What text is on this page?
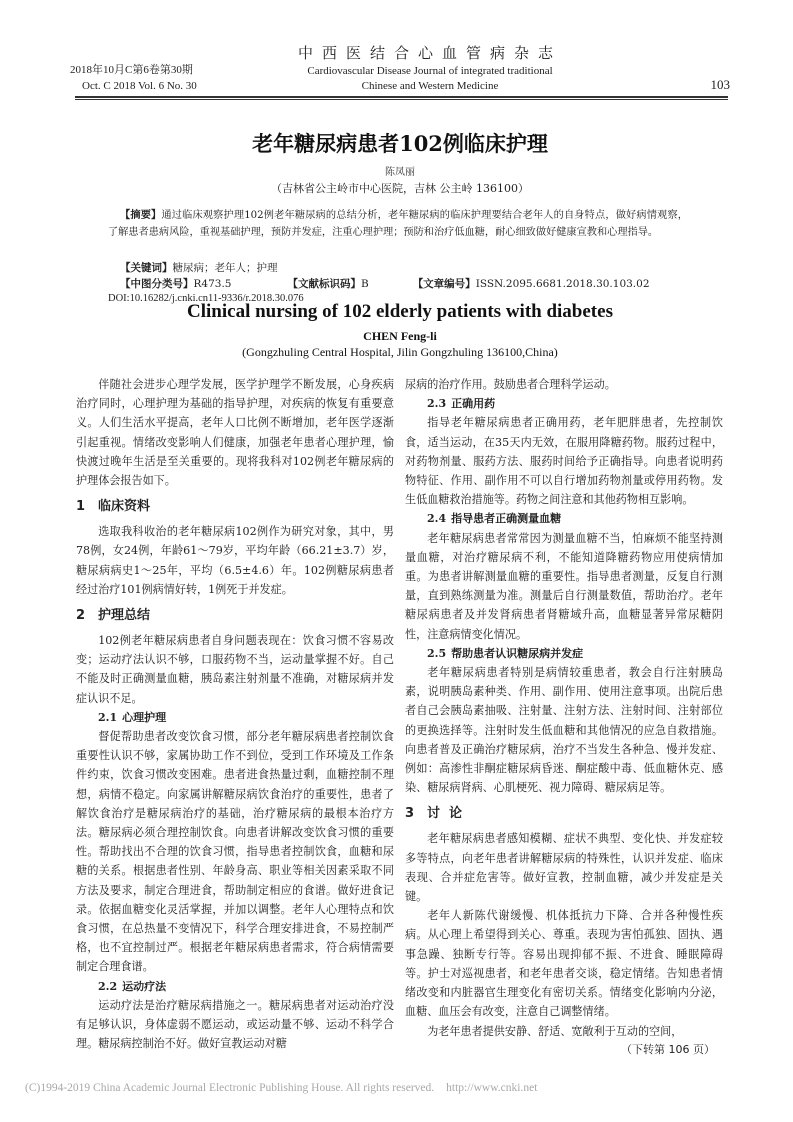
2018年10月C第6卷第30期
Oct. C 2018 Vol. 6 No. 30
中西医结合心血管病杂志
Cardiovascular Disease Journal of integrated traditional
Chinese and Western Medicine	103
老年糖尿病患者102例临床护理
陈凤丽
（吉林省公主岭市中心医院，吉林 公主岭 136100）
【摘要】通过临床观察护理102例老年糖尿病的总结分析，老年糖尿病的临床护理要结合老年人的自身特点，做好病情观察，了解患者患病风险，重视基础护理，预防并发症，注重心理护理；预防和治疗低血糖，耐心细致做好健康宣教和心理指导。
【关键词】糖尿病；老年人；护理
【中图分类号】R473.5	【文献标识码】B	【文章编号】ISSN.2095.6681.2018.30.103.02
DOI:10.16282/j.cnki.cn11-9336/r.2018.30.076
Clinical nursing of 102 elderly patients with diabetes
CHEN Feng-li
(Gongzhuling Central Hospital, Jilin Gongzhuling 136100,China)

伴随社会进步心理学发展，医学护理学不断发展，心身疾病治疗同时，心理护理为基础的指导护理，对疾病的恢复有重要意义。人们生活水平提高，老年人口比例不断增加，老年医学逐渐引起重视。情绪改变影响人们健康，加强老年患者心理护理，愉快渡过晚年生活是至关重要的。现将我科对102例老年糖尿病的护理体会报告如下。

1 临床资料

选取我科收治的老年糖尿病102例作为研究对象，其中，男78例，女24例，年龄61～79岁，平均年龄（66.21±3.7）岁，糖尿病病史1～25年，平均（6.5±4.6）年。102例糖尿病患者经过治疗101例病情好转，1例死于并发症。

2 护理总结

102例老年糖尿病患者自身问题表现在：饮食习惯不容易改变；运动疗法认识不够，口服药物不当，运动量掌握不好。自己不能及时正确测量血糖，胰岛素注射剂量不准确，对糖尿病并发症认识不足。

2.1 心理护理

督促帮助患者改变饮食习惯，部分老年糖尿病患者控制饮食重要性认识不够，家属协助工作不到位，受到工作环境及工作条件约束，饮食习惯改变困难。患者进食热量过剩，血糖控制不理想，病情不稳定。向家属讲解糖尿病饮食治疗的重要性，患者了解饮食治疗是糖尿病治疗的基础，治疗糖尿病的最根本治疗方法。糖尿病必须合理控制饮食。向患者讲解改变饮食习惯的重要性。帮助找出不合理的饮食习惯，指导患者控制饮食，血糖和尿糖的关系。根据患者性别、年龄身高、职业等相关因素采取不同方法及要求，制定合理进食，帮助制定相应的食谱。做好进食记录。依据血糖变化灵活掌握，并加以调整。老年人心理特点和饮食习惯，在总热量不变情况下，科学合理安排进食，不易控制严格，也不宜控制过严。根据老年糖尿病患者需求，符合病情需要制定合理食谱。

2.2 运动疗法

运动疗法是治疗糖尿病措施之一。糖尿病患者对运动治疗没有足够认识，身体虚弱不愿运动，或运动量不够、运动不科学合理。糖尿病控制治不好。做好宣教运动对糖

尿病的治疗作用。鼓励患者合理科学运动。

2.3 正确用药

指导老年糖尿病患者正确用药，老年肥胖患者，先控制饮食，适当运动，在35天内无效，在服用降糖药物。服药过程中，对药物剂量、服药方法、服药时间给予正确指导。向患者说明药物特征、作用、副作用不可以自行增加药物剂量或停用药物。发生低血糖救治措施等。药物之间注意和其他药物相互影响。

2.4 指导患者正确测量血糖

老年糖尿病患者常常因为测量血糖不当，怕麻烦不能坚持测量血糖，对治疗糖尿病不利，不能知道降糖药物应用使病情加重。为患者讲解测量血糖的重要性。指导患者测量，反复自行测量，直到熟练测量为准。测量后自行测量数值，帮助治疗。老年糖尿病患者及并发肾病患者肾糖域升高，血糖显著异常尿糖阴性，注意病情变化情况。

2.5 帮助患者认识糖尿病并发症

老年糖尿病患者特别是病情较重患者，教会自行注射胰岛素，说明胰岛素种类、作用、副作用、使用注意事项。出院后患者自己会胰岛素抽吸、注射量、注射方法、注射时间、注射部位的更换选择等。注射时发生低血糖和其他情况的应急自救措施。向患者普及正确治疗糖尿病，治疗不当发生各种急、慢并发症、例如：高渗性非酮症糖尿病昏迷、酮症酸中毒、低血糖休克、感染、糖尿病肾病、心肌梗死、视力障碍、糖尿病足等。

3 讨  论

老年糖尿病患者感知模糊、症状不典型、变化快、并发症较多等特点，向老年患者讲解糖尿病的特殊性，认识并发症、临床表现、合并症危害等。做好宣教，控制血糖，减少并发症是关键。

老年人新陈代谢缓慢、机体抵抗力下降、合并各种慢性疾病。从心理上希望得到关心、尊重。表现为害怕孤独、固执、遇事急躁、独断专行等。容易出现抑郁不振、不进食、睡眠障碍等。护士对巡视患者，和老年患者交谈，稳定情绪。告知患者情绪改变和内脏器官生理变化有密切关系。情绪变化影响内分泌，血糖、血压会有改变，注意自己调整情绪。

为老年患者提供安静、舒适、宽敞利于互动的空间，

（下转第 106 页）
(C)1994-2019 China Academic Journal Electronic Publishing House. All rights reserved. http://www.cnki.net
